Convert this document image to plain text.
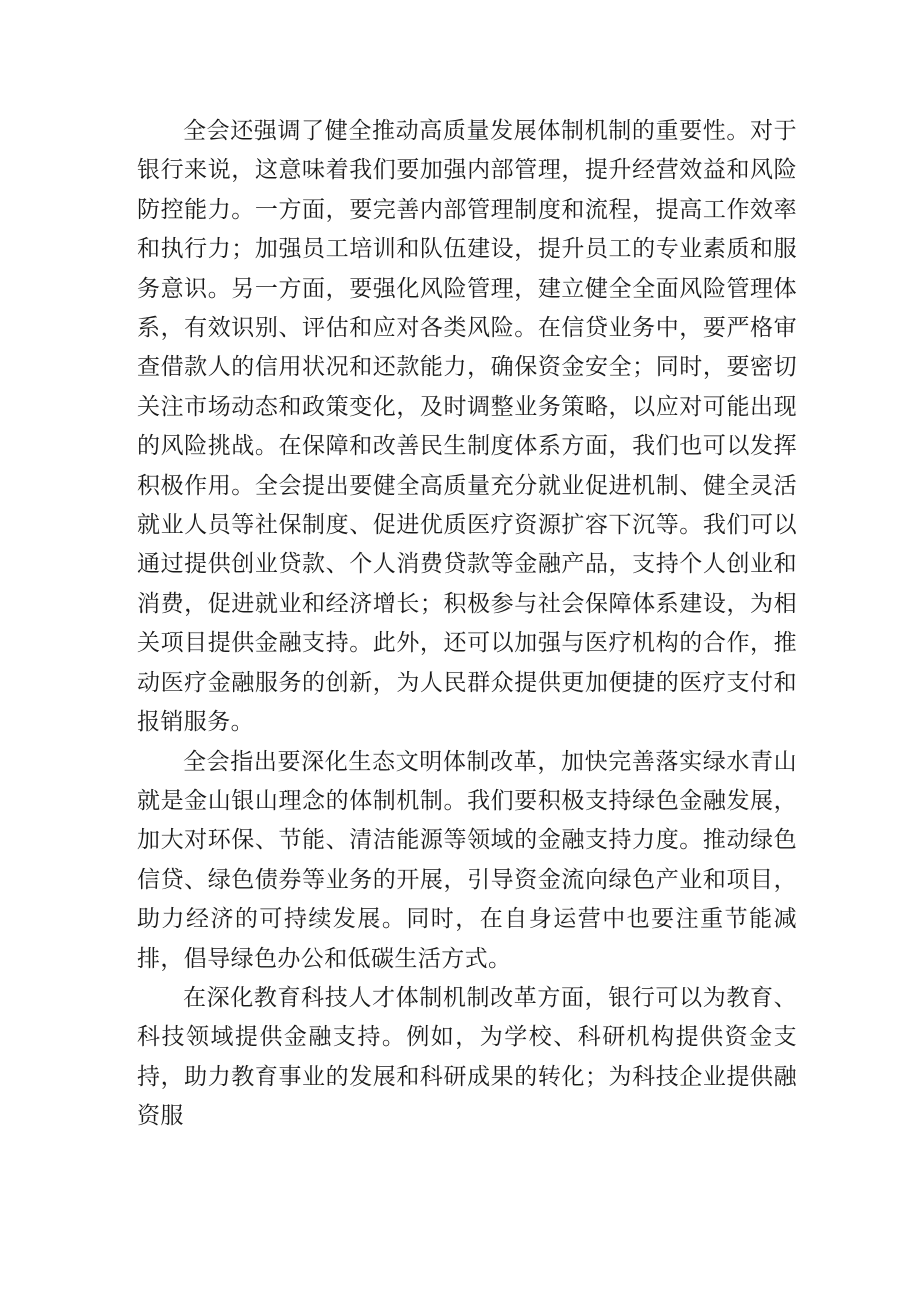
全会还强调了健全推动高质量发展体制机制的重要性。对于银行来说，这意味着我们要加强内部管理，提升经营效益和风险防控能力。一方面，要完善内部管理制度和流程，提高工作效率和执行力；加强员工培训和队伍建设，提升员工的专业素质和服务意识。另一方面，要强化风险管理，建立健全全面风险管理体系，有效识别、评估和应对各类风险。在信贷业务中，要严格审查借款人的信用状况和还款能力，确保资金安全；同时，要密切关注市场动态和政策变化，及时调整业务策略，以应对可能出现的风险挑战。在保障和改善民生制度体系方面，我们也可以发挥积极作用。全会提出要健全高质量充分就业促进机制、健全灵活就业人员等社保制度、促进优质医疗资源扩容下沉等。我们可以通过提供创业贷款、个人消费贷款等金融产品，支持个人创业和消费，促进就业和经济增长；积极参与社会保障体系建设，为相关项目提供金融支持。此外，还可以加强与医疗机构的合作，推动医疗金融服务的创新，为人民群众提供更加便捷的医疗支付和报销服务。

全会指出要深化生态文明体制改革，加快完善落实绿水青山就是金山银山理念的体制机制。我们要积极支持绿色金融发展，加大对环保、节能、清洁能源等领域的金融支持力度。推动绿色信贷、绿色债券等业务的开展，引导资金流向绿色产业和项目，助力经济的可持续发展。同时，在自身运营中也要注重节能减排，倡导绿色办公和低碳生活方式。

在深化教育科技人才体制机制改革方面，银行可以为教育、科技领域提供金融支持。例如，为学校、科研机构提供资金支持，助力教育事业的发展和科研成果的转化；为科技企业提供融资服
